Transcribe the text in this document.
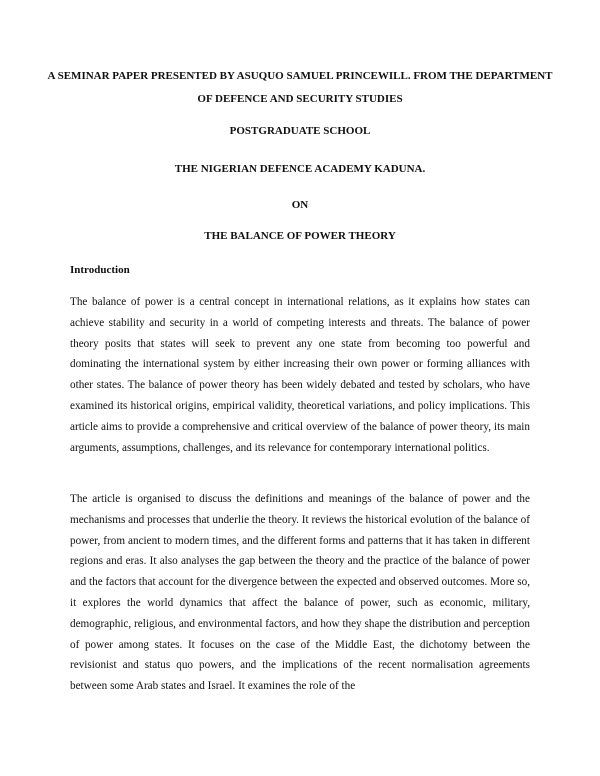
A SEMINAR PAPER PRESENTED BY ASUQUO SAMUEL PRINCEWILL. FROM THE DEPARTMENT OF DEFENCE AND SECURITY STUDIES

POSTGRADUATE SCHOOL

THE NIGERIAN DEFENCE ACADEMY KADUNA.

ON

THE BALANCE OF POWER THEORY

Introduction

The balance of power is a central concept in international relations, as it explains how states can achieve stability and security in a world of competing interests and threats. The balance of power theory posits that states will seek to prevent any one state from becoming too powerful and dominating the international system by either increasing their own power or forming alliances with other states. The balance of power theory has been widely debated and tested by scholars, who have examined its historical origins, empirical validity, theoretical variations, and policy implications. This article aims to provide a comprehensive and critical overview of the balance of power theory, its main arguments, assumptions, challenges, and its relevance for contemporary international politics.

The article is organised to discuss the definitions and meanings of the balance of power and the mechanisms and processes that underlie the theory. It reviews the historical evolution of the balance of power, from ancient to modern times, and the different forms and patterns that it has taken in different regions and eras. It also analyses the gap between the theory and the practice of the balance of power and the factors that account for the divergence between the expected and observed outcomes. More so, it explores the world dynamics that affect the balance of power, such as economic, military, demographic, religious, and environmental factors, and how they shape the distribution and perception of power among states. It focuses on the case of the Middle East, the dichotomy between the revisionist and status quo powers, and the implications of the recent normalisation agreements between some Arab states and Israel. It examines the role of the
